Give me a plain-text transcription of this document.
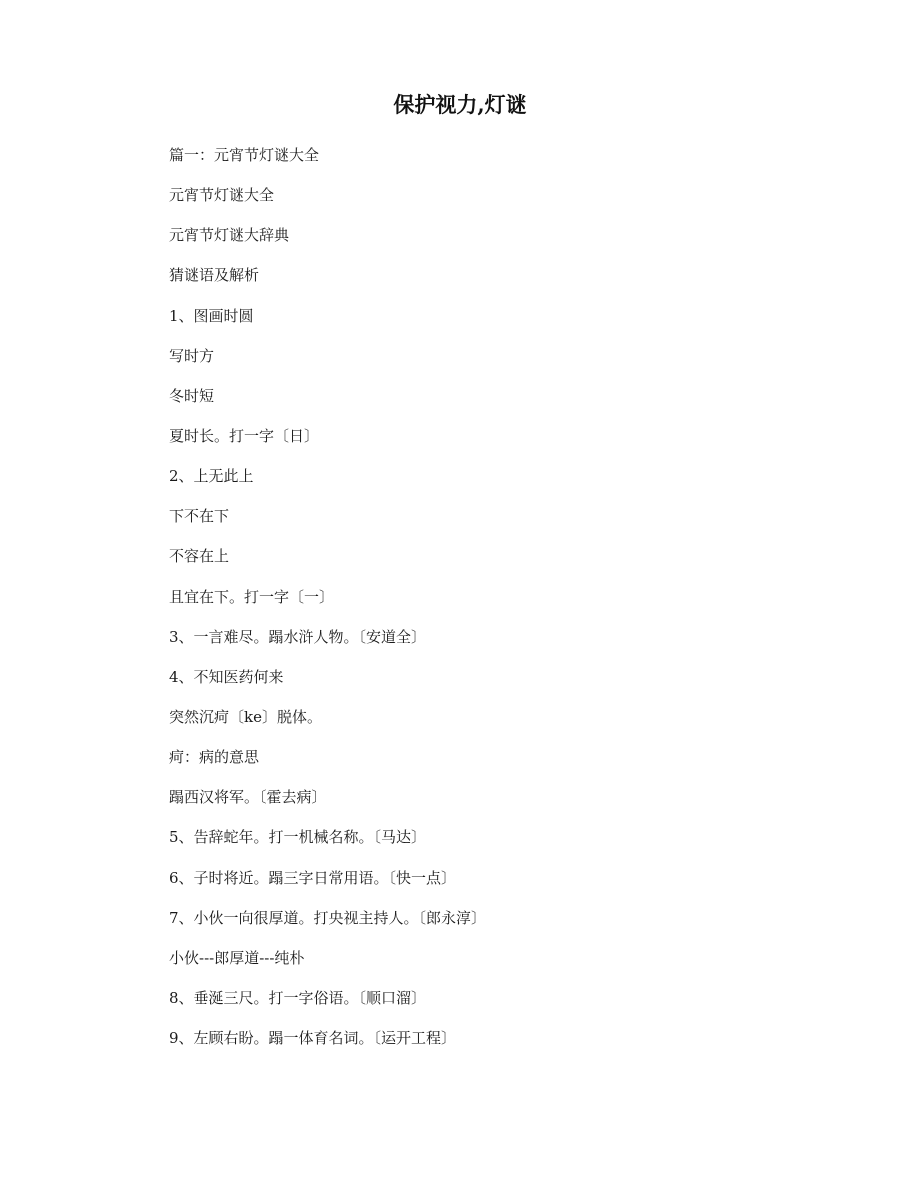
保护视力,灯谜
篇一：元宵节灯谜大全
元宵节灯谜大全
元宵节灯谜大辞典
猜谜语及解析
1、图画时圆
写时方
冬时短
夏时长。打一字〔日〕
2、上无此上
下不在下
不容在上
且宜在下。打一字〔一〕
3、一言难尽。蹋水浒人物。〔安道全〕
4、不知医药何来
突然沉疴〔ke〕脱体。
疴：病的意思
蹋西汉将军。〔霍去病〕
5、告辞蛇年。打一机械名称。〔马达〕
6、子时将近。蹋三字日常用语。〔快一点〕
7、小伙一向很厚道。打央视主持人。〔郎永淳〕
小伙---郎厚道---纯朴
8、垂涎三尺。打一字俗语。〔顺口溜〕
9、左顾右盼。蹋一体育名词。〔运开工程〕
